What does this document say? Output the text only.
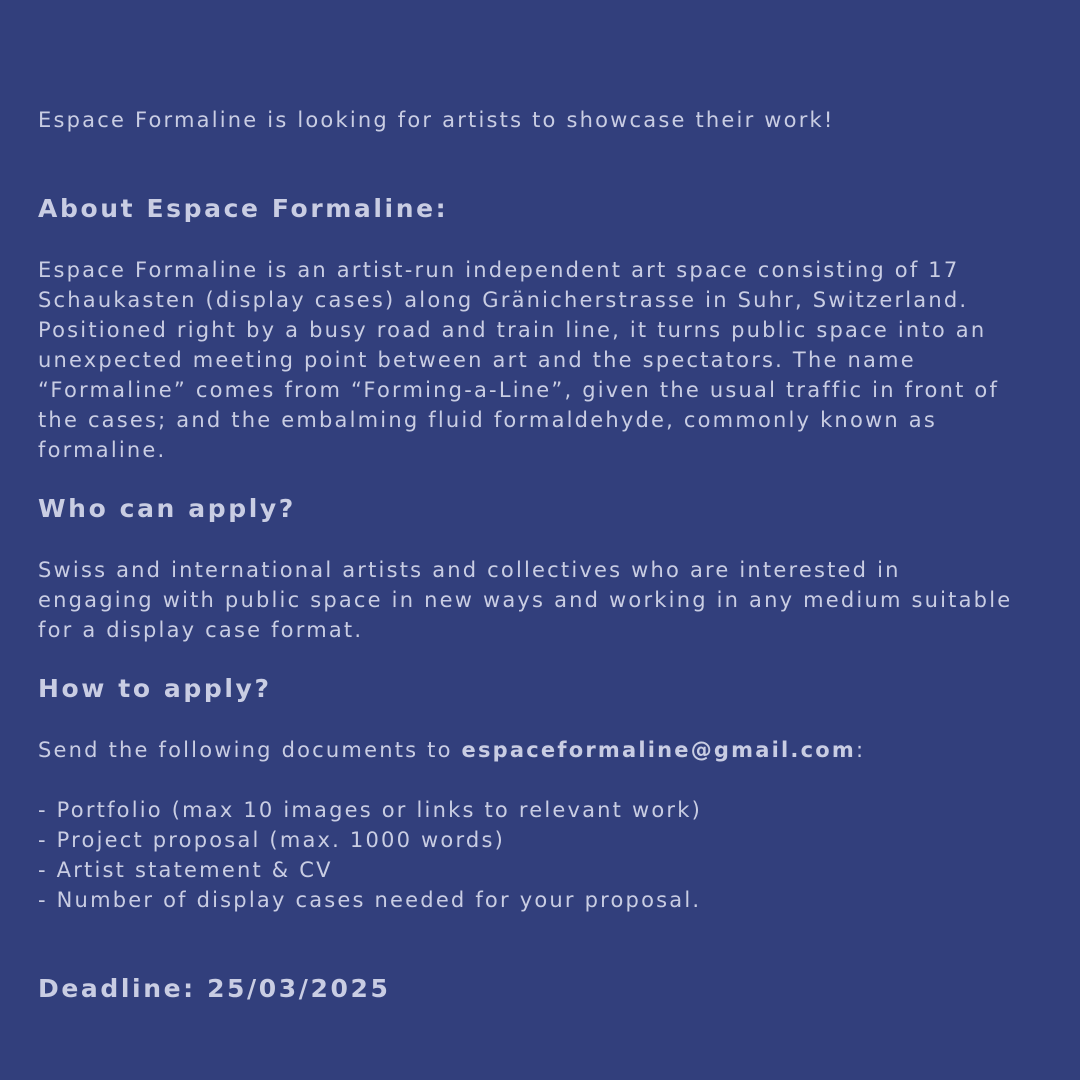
Espace Formaline is looking for artists to showcase their work!

About Espace Formaline:
Espace Formaline is an artist-run independent art space consisting of 17
Schaukasten (display cases) along Gränicherstrasse in Suhr, Switzerland.
Positioned right by a busy road and train line, it turns public space into an
unexpected meeting point between art and the spectators. The name
“Formaline” comes from “Forming-a-Line”, given the usual traffic in front of
the cases; and the embalming fluid formaldehyde, commonly known as
formaline.
Who can apply?
Swiss and international artists and collectives who are interested in
engaging with public space in new ways and working in any medium suitable
for a display case format.
How to apply?

Send the following documents to espaceformaline@gmail.com:

- Portfolio (max 10 images or links to relevant work)
- Project proposal (max. 1000 words)
- Artist statement & CV
- Number of display cases needed for your proposal.
Deadline: 25/03/2025
